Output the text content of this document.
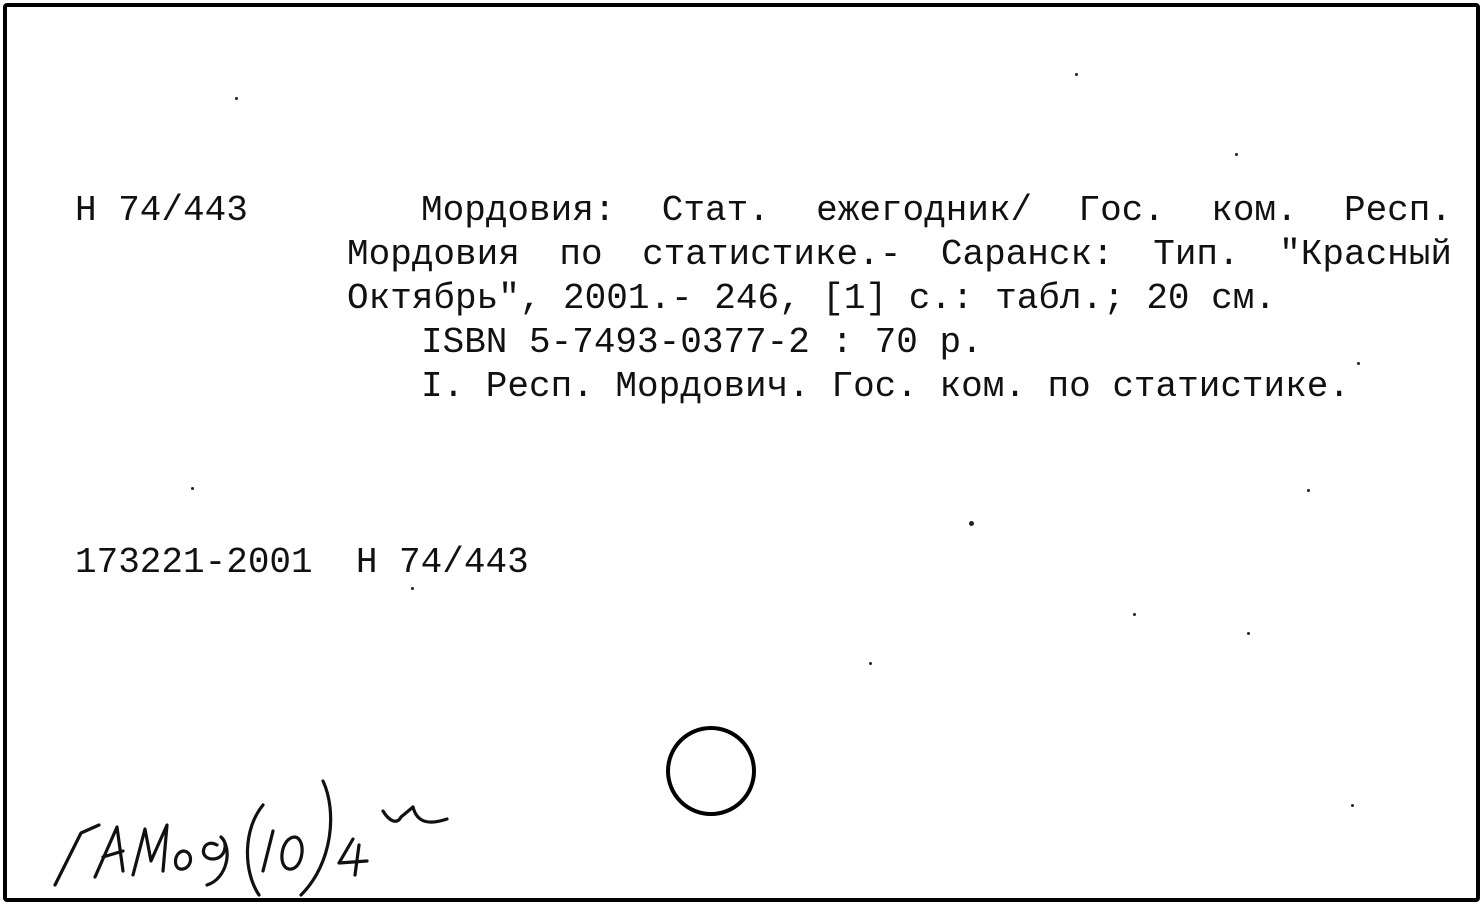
Н 74/443	Мордовия: Стат. ежегодник/ Гос. ком. Респ. Мордовия по статистике.- Саранск: Тип. "Красный Октябрь", 2001.- 246, [1] с.: табл.; 20 см.

ISBN 5-7493-0377-2 : 70 р.

I. Респ. Мордович. Гос. ком. по статистике.

173221-2001  Н 74/443
